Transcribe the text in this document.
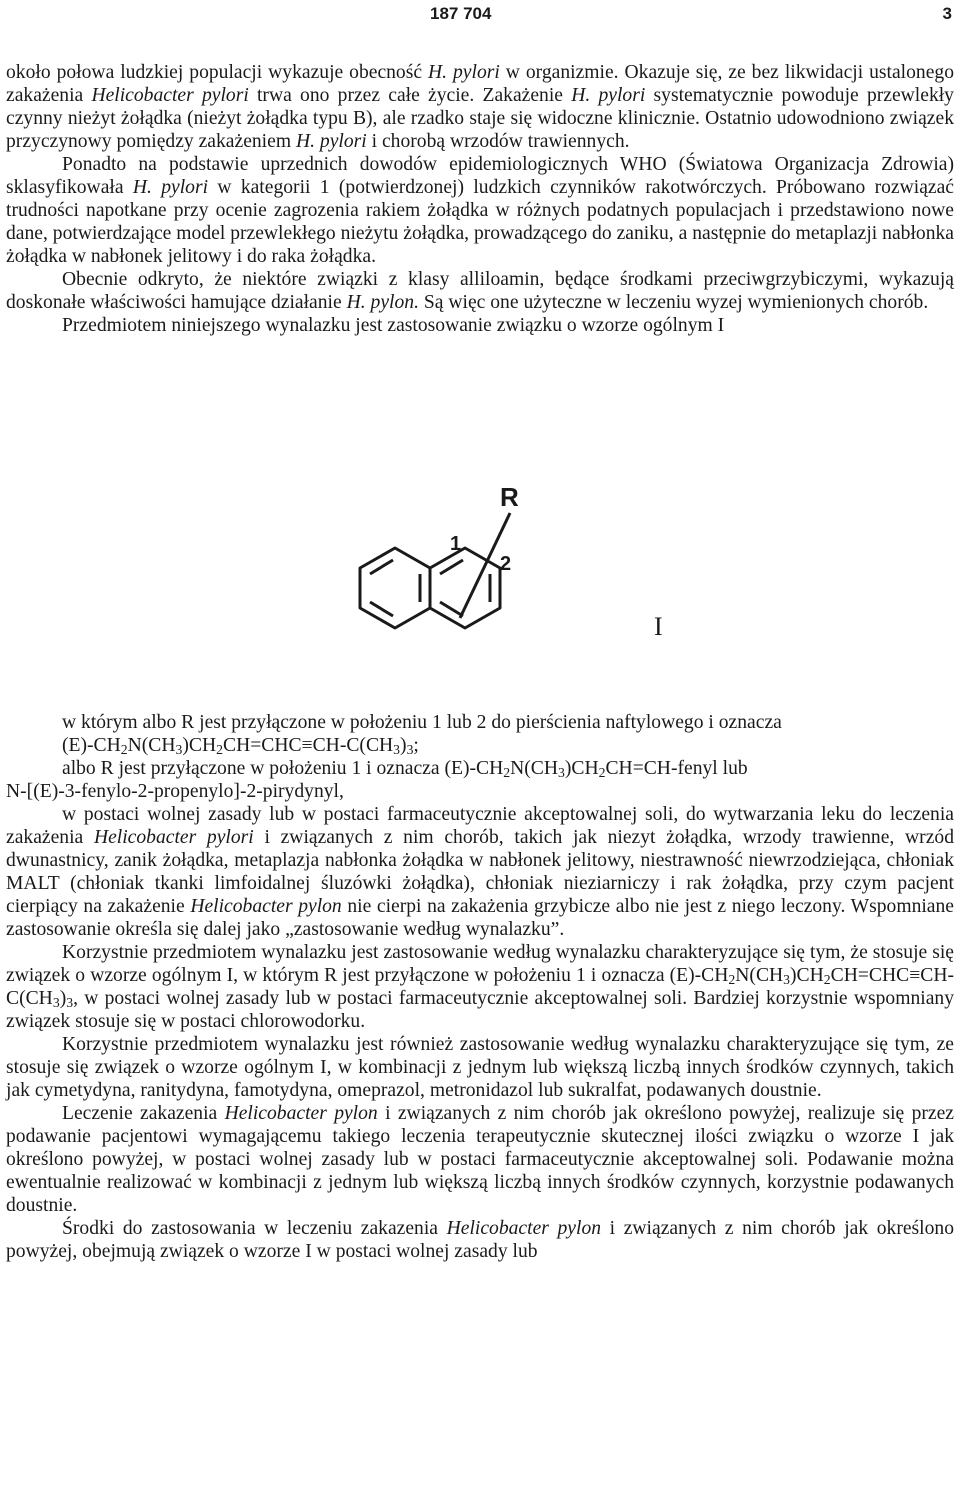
187 704	3

około połowa ludzkiej populacji wykazuje obecność H. pylori w organizmie. Okazuje się, ze bez likwidacji ustalonego zakażenia Helicobacter pylori trwa ono przez całe życie. Zakażenie H. pylori systematycznie powoduje przewlekły czynny nieżyt żołądka (nieżyt żołądka typu B), ale rzadko staje się widoczne klinicznie. Ostatnio udowodniono związek przyczynowy pomiędzy zakażeniem H. pylori i chorobą wrzodów trawiennych.

Ponadto na podstawie uprzednich dowodów epidemiologicznych WHO (Światowa Organizacja Zdrowia) sklasyfikowała H. pylori w kategorii 1 (potwierdzonej) ludzkich czynników rakotwórczych. Próbowano rozwiązać trudności napotkane przy ocenie zagrozenia rakiem żołądka w różnych podatnych populacjach i przedstawiono nowe dane, potwierdzające model przewlekłego nieżytu żołądka, prowadzącego do zaniku, a następnie do metaplazji nabłonka żołądka w nabłonek jelitowy i do raka żołądka.

Obecnie odkryto, że niektóre związki z klasy alliloamin, będące środkami przeciwgrzybiczymi, wykazują doskonałe właściwości hamujące działanie H. pylon. Są więc one użyteczne w leczeniu wyzej wymienionych chorób.

Przedmiotem niniejszego wynalazku jest zastosowanie związku o wzorze ogólnym I

R
1
2
I

w którym albo R jest przyłączone w położeniu 1 lub 2 do pierścienia naftylowego i oznacza

$(E)-CH_2N(CH_3)CH_2CH=CHC\equiv CH-C(CH_3)_3$;

albo R jest przyłączone w położeniu 1 i oznacza $(E)-CH_2N(CH_3)CH_2CH=CH$-fenyl lub

N-[(E)-3-fenylo-2-propenylo]-2-pirydynyl,

w postaci wolnej zasady lub w postaci farmaceutycznie akceptowalnej soli, do wytwarzania leku do leczenia zakażenia Helicobacter pylori i związanych z nim chorób, takich jak niezyt żołądka, wrzody trawienne, wrzód dwunastnicy, zanik żołądka, metaplazja nabłonka żołądka w nabłonek jelitowy, niestrawność niewrzodziejąca, chłoniak MALT (chłoniak tkanki limfoidalnej śluzówki żołądka), chłoniak nieziarniczy i rak żołądka, przy czym pacjent cierpiący na zakażenie Helicobacter pylon nie cierpi na zakażenia grzybicze albo nie jest z niego leczony. Wspomniane zastosowanie określa się dalej jako „zastosowanie według wynalazku”.

Korzystnie przedmiotem wynalazku jest zastosowanie według wynalazku charakteryzujące się tym, że stosuje się związek o wzorze ogólnym I, w którym R jest przyłączone w położeniu 1 i oznacza $(E)-CH_2N(CH_3)CH_2CH=CHC\equiv CH-C(CH_3)_3$, w postaci wolnej zasady lub w postaci farmaceutycznie akceptowalnej soli. Bardziej korzystnie wspomniany związek stosuje się w postaci chlorowodorku.

Korzystnie przedmiotem wynalazku jest również zastosowanie według wynalazku charakteryzujące się tym, ze stosuje się związek o wzorze ogólnym I, w kombinacji z jednym lub większą liczbą innych środków czynnych, takich jak cymetydyna, ranitydyna, famotydyna, omeprazol, metronidazol lub sukralfat, podawanych doustnie.

Leczenie zakazenia Helicobacter pylon i związanych z nim chorób jak określono powyżej, realizuje się przez podawanie pacjentowi wymagającemu takiego leczenia terapeutycznie skutecznej ilości związku o wzorze I jak określono powyżej, w postaci wolnej zasady lub w postaci farmaceutycznie akceptowalnej soli. Podawanie można ewentualnie realizować w kombinacji z jednym lub większą liczbą innych środków czynnych, korzystnie podawanych doustnie.

Środki do zastosowania w leczeniu zakazenia Helicobacter pylon i związanych z nim chorób jak określono powyżej, obejmują związek o wzorze I w postaci wolnej zasady lub
